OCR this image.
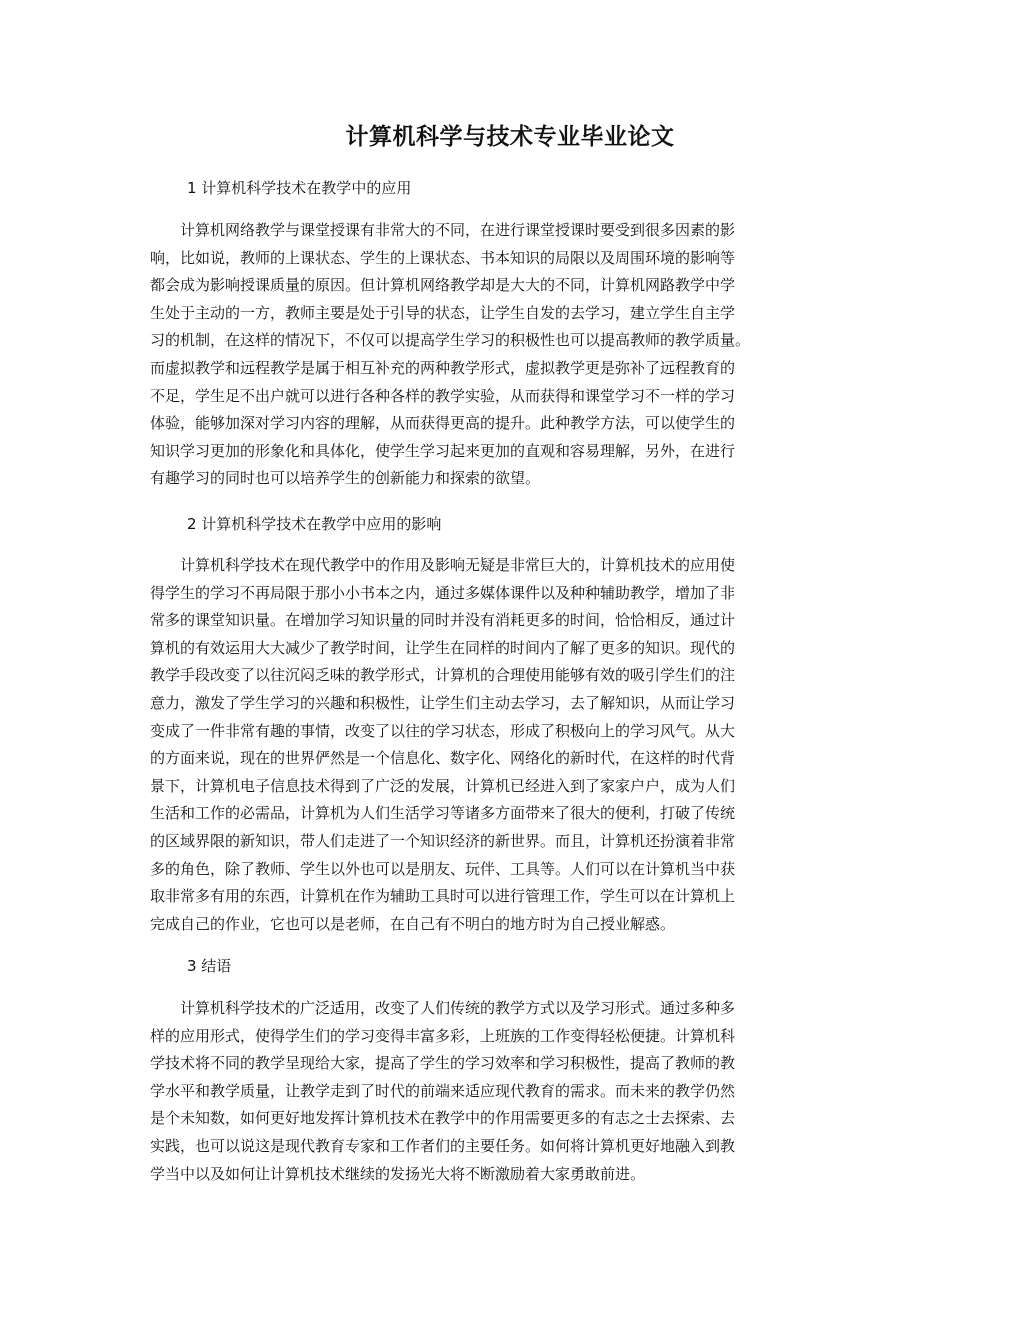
计算机科学与技术专业毕业论文
1 计算机科学技术在教学中的应用
　　计算机网络教学与课堂授课有非常大的不同，在进行课堂授课时要受到很多因素的影
响，比如说，教师的上课状态、学生的上课状态、书本知识的局限以及周围环境的影响等
都会成为影响授课质量的原因。但计算机网络教学却是大大的不同，计算机网路教学中学
生处于主动的一方，教师主要是处于引导的状态，让学生自发的去学习，建立学生自主学
习的机制，在这样的情况下，不仅可以提高学生学习的积极性也可以提高教师的教学质量。
而虚拟教学和远程教学是属于相互补充的两种教学形式，虚拟教学更是弥补了远程教育的
不足，学生足不出户就可以进行各种各样的教学实验，从而获得和课堂学习不一样的学习
体验，能够加深对学习内容的理解，从而获得更高的提升。此种教学方法，可以使学生的
知识学习更加的形象化和具体化，使学生学习起来更加的直观和容易理解，另外，在进行
有趣学习的同时也可以培养学生的创新能力和探索的欲望。
2 计算机科学技术在教学中应用的影响
　　计算机科学技术在现代教学中的作用及影响无疑是非常巨大的，计算机技术的应用使
得学生的学习不再局限于那小小书本之内，通过多媒体课件以及种种辅助教学，增加了非
常多的课堂知识量。在增加学习知识量的同时并没有消耗更多的时间，恰恰相反，通过计
算机的有效运用大大减少了教学时间，让学生在同样的时间内了解了更多的知识。现代的
教学手段改变了以往沉闷乏味的教学形式，计算机的合理使用能够有效的吸引学生们的注
意力，激发了学生学习的兴趣和积极性，让学生们主动去学习，去了解知识，从而让学习
变成了一件非常有趣的事情，改变了以往的学习状态，形成了积极向上的学习风气。从大
的方面来说，现在的世界俨然是一个信息化、数字化、网络化的新时代，在这样的时代背
景下，计算机电子信息技术得到了广泛的发展，计算机已经进入到了家家户户，成为人们
生活和工作的必需品，计算机为人们生活学习等诸多方面带来了很大的便利，打破了传统
的区域界限的新知识，带人们走进了一个知识经济的新世界。而且，计算机还扮演着非常
多的角色，除了教师、学生以外也可以是朋友、玩伴、工具等。人们可以在计算机当中获
取非常多有用的东西，计算机在作为辅助工具时可以进行管理工作，学生可以在计算机上
完成自己的作业，它也可以是老师，在自己有不明白的地方时为自己授业解惑。
3 结语
　　计算机科学技术的广泛适用，改变了人们传统的教学方式以及学习形式。通过多种多
样的应用形式，使得学生们的学习变得丰富多彩，上班族的工作变得轻松便捷。计算机科
学技术将不同的教学呈现给大家，提高了学生的学习效率和学习积极性，提高了教师的教
学水平和教学质量，让教学走到了时代的前端来适应现代教育的需求。而未来的教学仍然
是个未知数，如何更好地发挥计算机技术在教学中的作用需要更多的有志之士去探索、去
实践，也可以说这是现代教育专家和工作者们的主要任务。如何将计算机更好地融入到教
学当中以及如何让计算机技术继续的发扬光大将不断激励着大家勇敢前进。
